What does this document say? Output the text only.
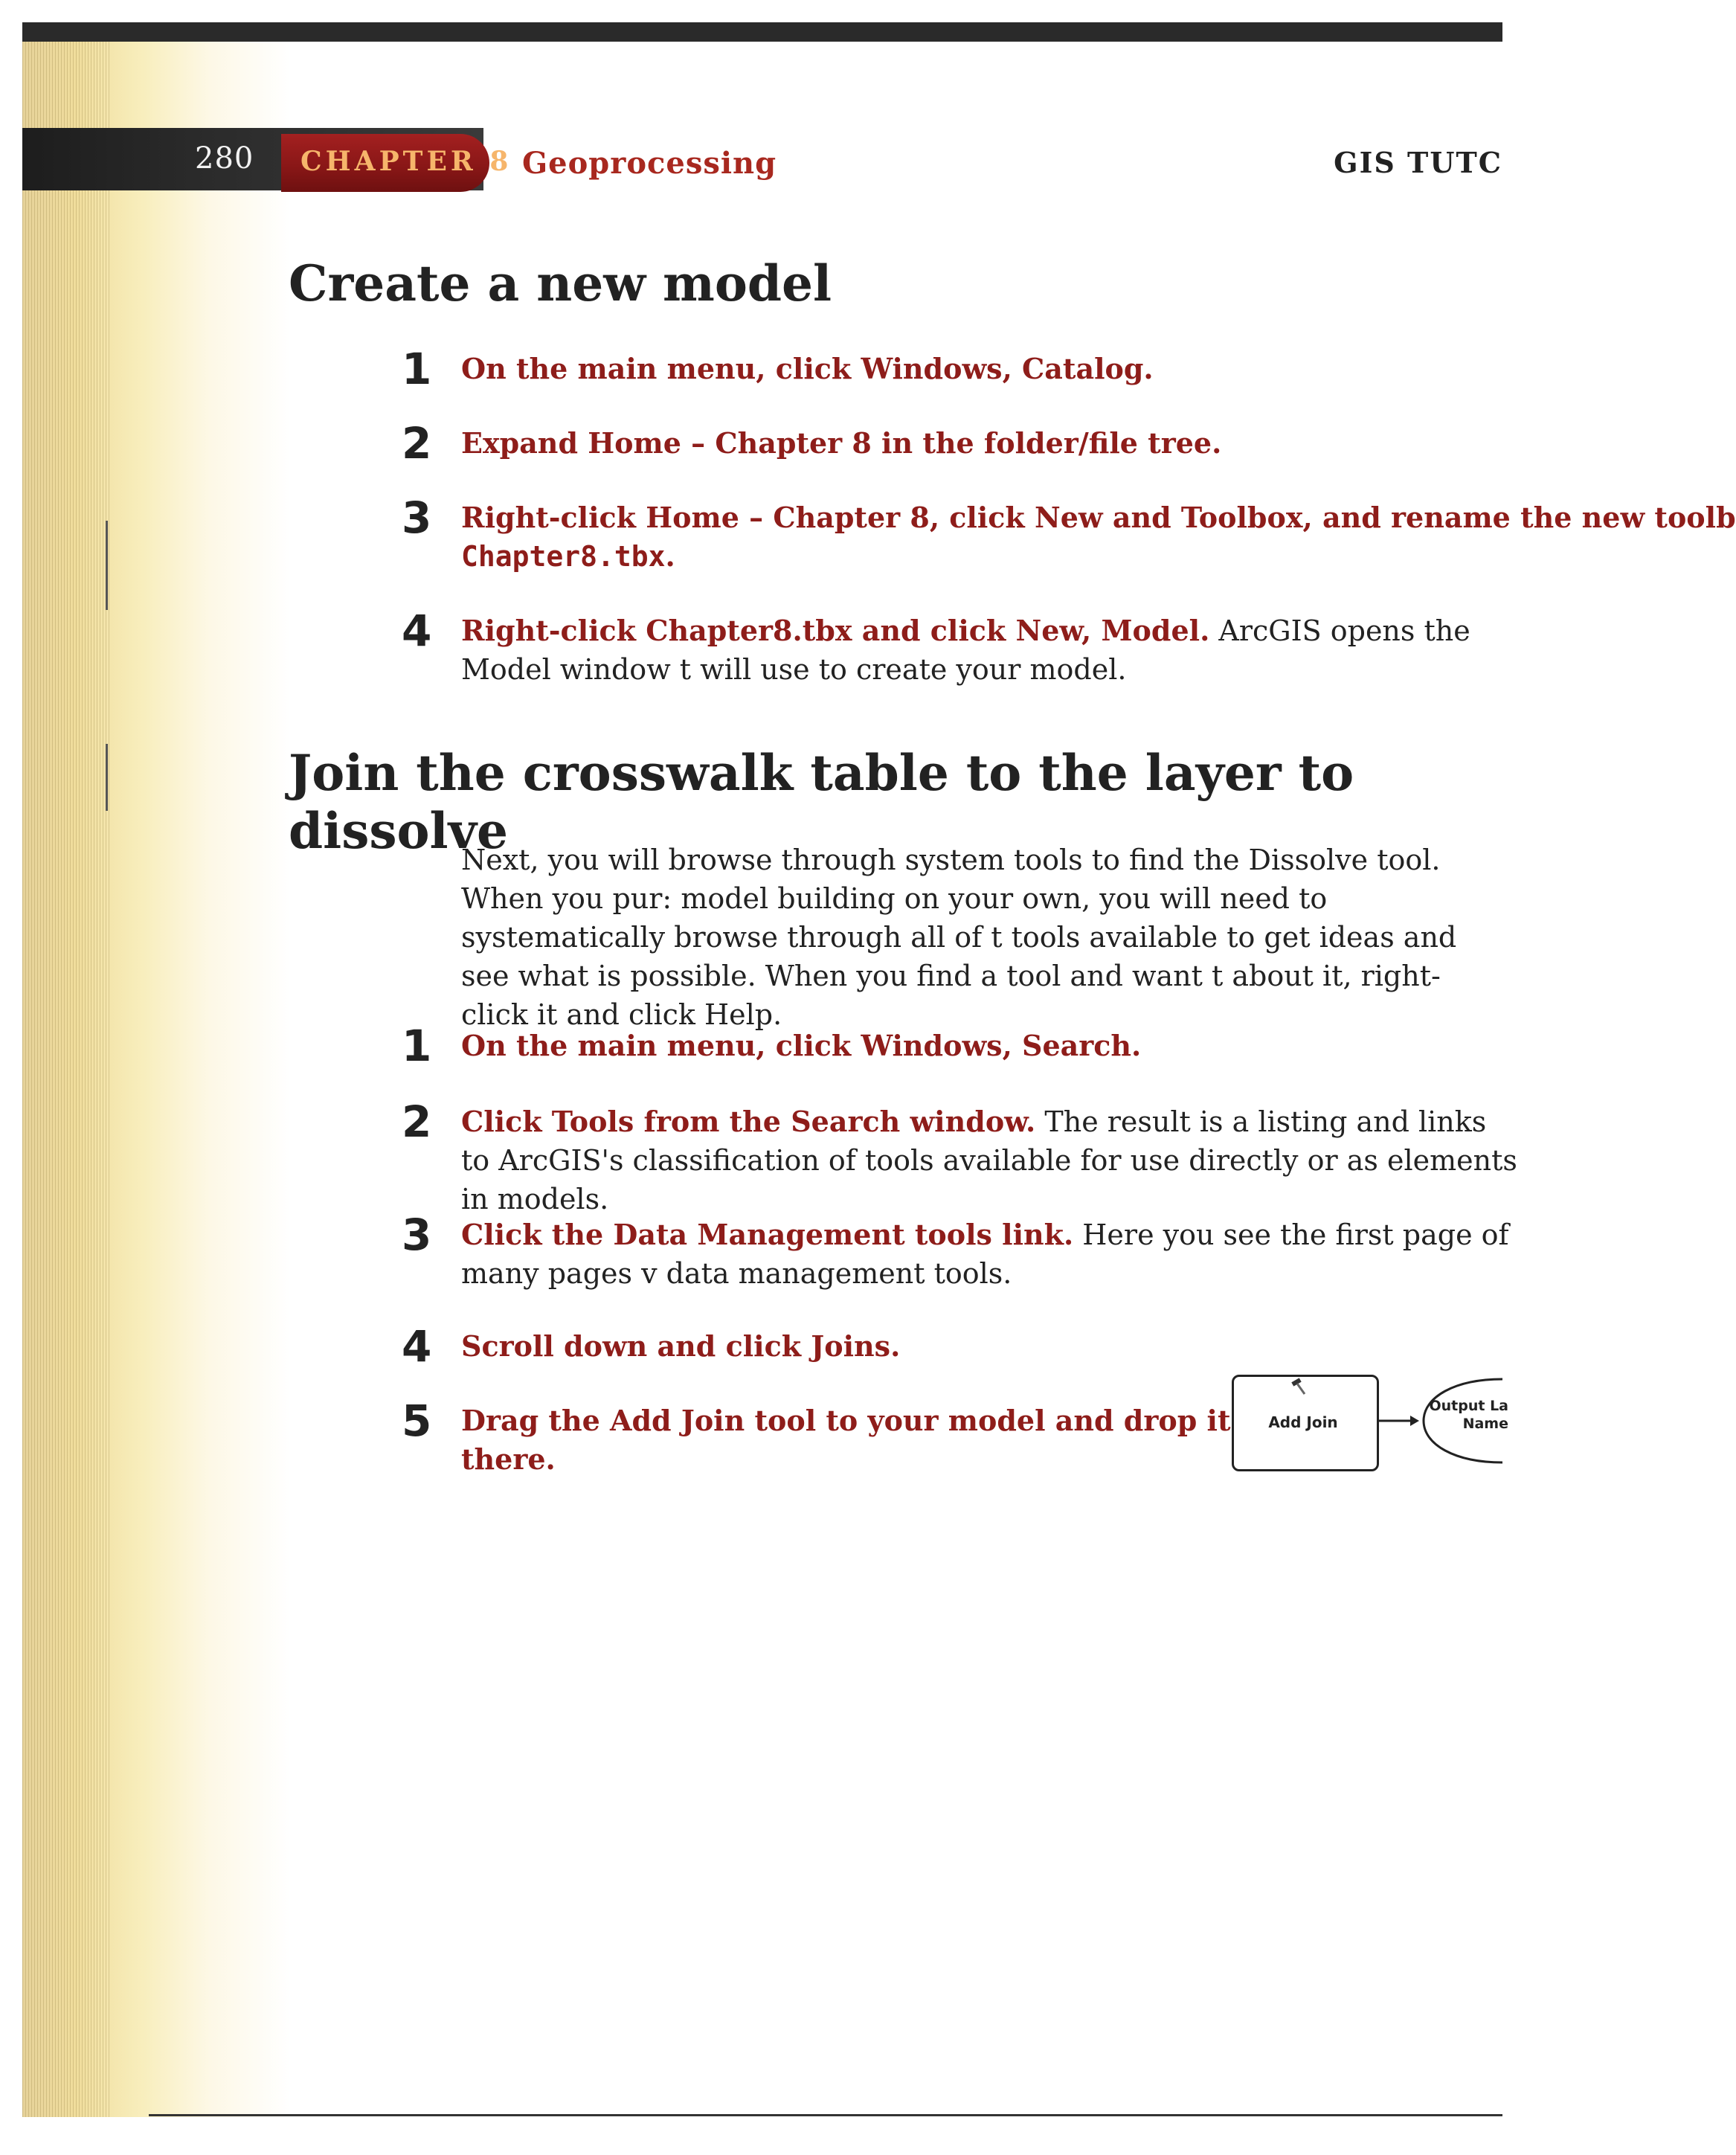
280 CHAPTER 8 Geoprocessing	GIS TUTC
Create a new model
1 On the main menu, click Windows, Catalog.
2 Expand Home – Chapter 8 in the folder/file tree.
3 Right-click Home – Chapter 8, click New and Toolbox, and rename the new toolb
Chapter8.tbx.
4 Right-click Chapter8.tbx and click New, Model. ArcGIS opens the Model window t will use to create your model.
Join the crosswalk table to the layer to dissolve
Next, you will browse through system tools to find the Dissolve tool. When you pur: model building on your own, you will need to systematically browse through all of t tools available to get ideas and see what is possible. When you find a tool and want t about it, right-click it and click Help.
1 On the main menu, click Windows, Search.
2 Click Tools from the Search window. The result is a listing and links to ArcGIS's classification of tools available for use directly or as elements in models.
3 Click the Data Management tools link. Here you see the first page of many pages v data management tools.
4 Scroll down and click Joins.
5 Drag the Add Join tool to your model and drop it there.
Add Join
Output La
Name
